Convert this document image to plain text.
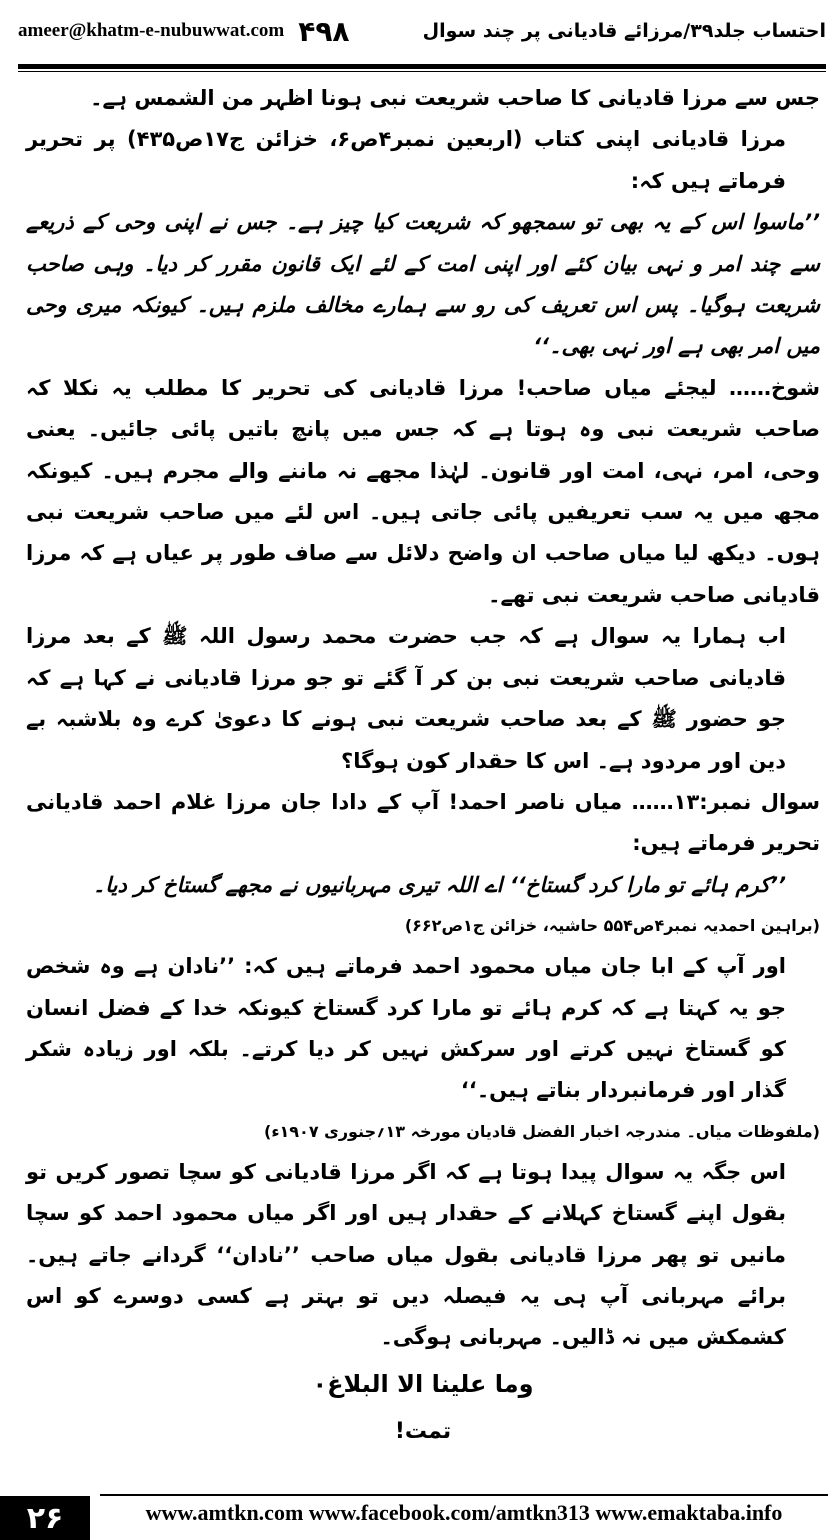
ameer@khatm-e-nubuwwat.com ۴۹۸	احتساب جلد۳۹/مرزائے قادیانی پر چند سوال

جس سے مرزا قادیانی کا صاحب شریعت نبی ہونا اظہر من الشمس ہے۔

مرزا قادیانی اپنی کتاب (اربعین نمبر۴ص۶، خزائن ج۱۷ص۴۳۵) پر تحریر فرماتے ہیں کہ:

’’ماسوا اس کے یہ بھی تو سمجھو کہ شریعت کیا چیز ہے۔ جس نے اپنی وحی کے ذریعے سے چند امر و نہی بیان کئے اور اپنی امت کے لئے ایک قانون مقرر کر دیا۔ وہی صاحب شریعت ہوگیا۔ پس اس تعریف کی رو سے ہمارے مخالف ملزم ہیں۔ کیونکہ میری وحی میں امر بھی ہے اور نہی بھی۔‘‘

شوخ…… لیجئے میاں صاحب! مرزا قادیانی کی تحریر کا مطلب یہ نکلا کہ صاحب شریعت نبی وہ ہوتا ہے کہ جس میں پانچ باتیں پائی جائیں۔ یعنی وحی، امر، نہی، امت اور قانون۔ لہٰذا مجھے نہ ماننے والے مجرم ہیں۔ کیونکہ مجھ میں یہ سب تعریفیں پائی جاتی ہیں۔ اس لئے میں صاحب شریعت نبی ہوں۔ دیکھ لیا میاں صاحب ان واضح دلائل سے صاف طور پر عیاں ہے کہ مرزا قادیانی صاحب شریعت نبی تھے۔

اب ہمارا یہ سوال ہے کہ جب حضرت محمد رسول اللہ ﷺ کے بعد مرزا قادیانی صاحب شریعت نبی بن کر آ گئے تو جو مرزا قادیانی نے کہا ہے کہ جو حضور ﷺ کے بعد صاحب شریعت نبی ہونے کا دعویٰ کرے وہ بلاشبہ بے دین اور مردود ہے۔ اس کا حقدار کون ہوگا؟

سوال نمبر:۱۳…… میاں ناصر احمد! آپ کے دادا جان مرزا غلام احمد قادیانی تحریر فرماتے ہیں:

’’کرم ہائے تو مارا کرد گستاخ‘‘ اے اللہ تیری مہربانیوں نے مجھے گستاخ کر دیا۔

(براہین احمدیہ نمبر۴ص۵۵۴ حاشیہ، خزائن ج۱ص۶۶۲)

اور آپ کے ابا جان میاں محمود احمد فرماتے ہیں کہ: ’’نادان ہے وہ شخص جو یہ کہتا ہے کہ کرم ہائے تو مارا کرد گستاخ کیونکہ خدا کے فضل انسان کو گستاخ نہیں کرتے اور سرکش نہیں کر دیا کرتے۔ بلکہ اور زیادہ شکر گذار اور فرمانبردار بناتے ہیں۔‘‘

(ملفوظات میاں۔ مندرجہ اخبار الفضل قادیان مورخہ ۱۳؍جنوری ۱۹۰۷ء)

اس جگہ یہ سوال پیدا ہوتا ہے کہ اگر مرزا قادیانی کو سچا تصور کریں تو بقول اپنے گستاخ کہلانے کے حقدار ہیں اور اگر میاں محمود احمد کو سچا مانیں تو پھر مرزا قادیانی بقول میاں صاحب ’’نادان‘‘ گردانے جاتے ہیں۔ برائے مہربانی آپ ہی یہ فیصلہ دیں تو بہتر ہے کسی دوسرے کو اس کشمکش میں نہ ڈالیں۔ مہربانی ہوگی۔

وما علینا الا البلاغ۰

تمت!

۲۶	www.amtkn.com www.facebook.com/amtkn313 www.emaktaba.info
